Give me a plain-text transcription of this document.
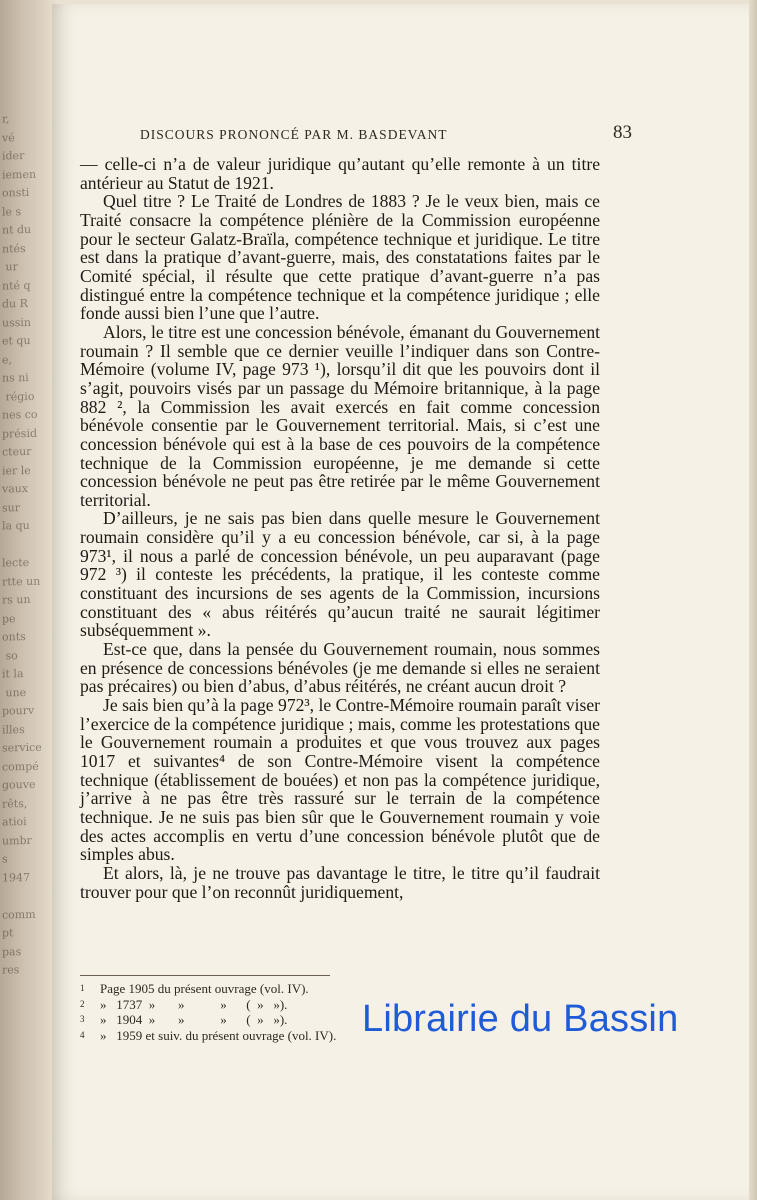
r,
vé
ider
iemen
onsti
le s
nt du
ntés
ur
nté q
du R
ussin
et qu
e,
ns ni
régio
nes co
présid
cteur
ier le
vaux
sur
la qu

lecte
rtte un
rs un
pe
onts
so
it la
une
pourv
illes
service
compé
gouve
rêts,
atioi
umbr
s
1947

comm
pt
pas
res
DISCOURS PRONONCÉ PAR M. BASDEVANT	83

— celle-ci n’a de valeur juridique qu’autant qu’elle remonte à un titre antérieur au Statut de 1921.

Quel titre ? Le Traité de Londres de 1883 ? Je le veux bien, mais ce Traité consacre la compétence plénière de la Commission européenne pour le secteur Galatz-Braïla, compétence technique et juridique. Le titre est dans la pratique d’avant-guerre, mais, des constatations faites par le Comité spécial, il résulte que cette pratique d’avant-guerre n’a pas distingué entre la compétence technique et la compétence juridique ; elle fonde aussi bien l’une que l’autre.

Alors, le titre est une concession bénévole, émanant du Gouvernement roumain ? Il semble que ce dernier veuille l’indiquer dans son Contre-Mémoire (volume IV, page 973 ¹), lorsqu’il dit que les pouvoirs dont il s’agit, pouvoirs visés par un passage du Mémoire britannique, à la page 882 ², la Commission les avait exercés en fait comme concession bénévole consentie par le Gouvernement territorial. Mais, si c’est une concession bénévole qui est à la base de ces pouvoirs de la compétence technique de la Commission européenne, je me demande si cette concession bénévole ne peut pas être retirée par le même Gouvernement territorial.

D’ailleurs, je ne sais pas bien dans quelle mesure le Gouvernement roumain considère qu’il y a eu concession bénévole, car si, à la page 973¹, il nous a parlé de concession bénévole, un peu auparavant (page 972 ³) il conteste les précédents, la pratique, il les conteste comme constituant des incursions de ses agents de la Commission, incursions constituant des « abus réitérés qu’aucun traité ne saurait légitimer subséquemment ».

Est-ce que, dans la pensée du Gouvernement roumain, nous sommes en présence de concessions bénévoles (je me demande si elles ne seraient pas précaires) ou bien d’abus, d’abus réitérés, ne créant aucun droit ?

Je sais bien qu’à la page 972³, le Contre-Mémoire roumain paraît viser l’exercice de la compétence juridique ; mais, comme les protestations que le Gouvernement roumain a produites et que vous trouvez aux pages 1017 et suivantes⁴ de son Contre-Mémoire visent la compétence technique (établissement de bouées) et non pas la compétence juridique, j’arrive à ne pas être très rassuré sur le terrain de la compétence technique. Je ne suis pas bien sûr que le Gouvernement roumain y voie des actes accomplis en vertu d’une concession bénévole plutôt que de simples abus.

Et alors, là, je ne trouve pas davantage le titre, le titre qu’il faudrait trouver pour que l’on reconnût juridiquement,

1	Page 1905 du présent ouvrage (vol. IV).
2	»   1737  »       »           »      (  »   »).
3	»   1904  »       »           »      (  »   »).
4	»   1959 et suiv. du présent ouvrage (vol. IV). Librairie du Bassin
